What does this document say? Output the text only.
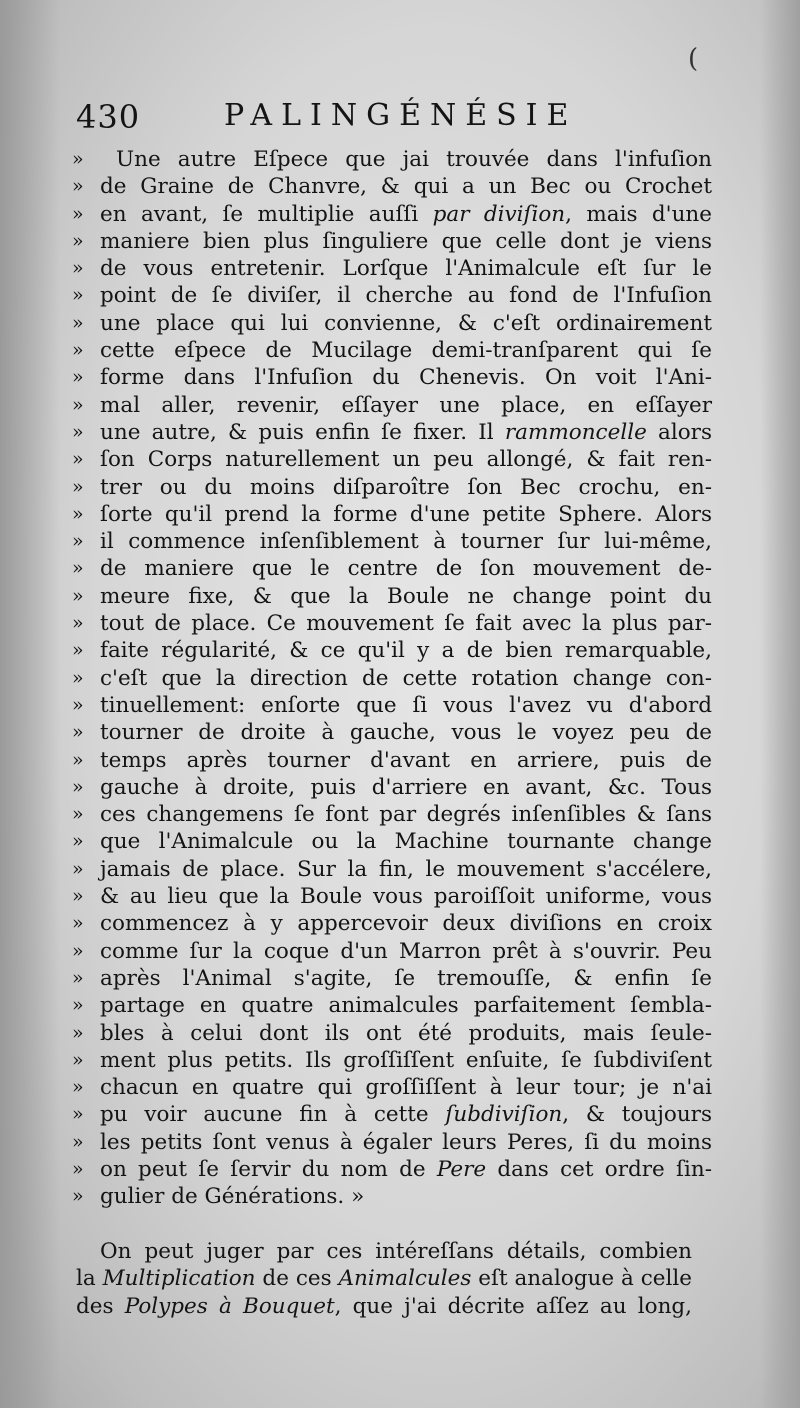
(
430	PALINGÉNÉSIE
»	Une autre Eſpece que jai trouvée dans l'infuſion
» de Graine de Chanvre, & qui a un Bec ou Crochet
» en avant, ſe multiplie auſſi par diviſion, mais d'une
» maniere bien plus ſinguliere que celle dont je viens
» de vous entretenir. Lorſque l'Animalcule eſt ſur le
» point de ſe diviſer, il cherche au fond de l'Infuſion
» une place qui lui convienne, & c'eſt ordinairement
» cette eſpece de Mucilage demi-tranſparent qui ſe
» forme dans l'Infuſion du Chenevis. On voit l'Ani-
» mal aller, revenir, eſſayer une place, en eſſayer
» une autre, & puis enfin ſe fixer. Il rammoncelle alors
» ſon Corps naturellement un peu allongé, & fait ren-
» trer ou du moins diſparoître ſon Bec crochu, en-
» ſorte qu'il prend la forme d'une petite Sphere. Alors
» il commence inſenſiblement à tourner ſur lui-même,
» de maniere que le centre de ſon mouvement de-
» meure fixe, & que la Boule ne change point du
» tout de place. Ce mouvement ſe fait avec la plus par-
» faite régularité, & ce qu'il y a de bien remarquable,
» c'eſt que la direction de cette rotation change con-
» tinuellement: enſorte que ſi vous l'avez vu d'abord
» tourner de droite à gauche, vous le voyez peu de
» temps après tourner d'avant en arriere, puis de
» gauche à droite, puis d'arriere en avant, &c. Tous
» ces changemens ſe font par degrés inſenſibles & ſans
» que l'Animalcule ou la Machine tournante change
» jamais de place. Sur la fin, le mouvement s'accélere,
» & au lieu que la Boule vous paroiſſoit uniforme, vous
» commencez à y appercevoir deux diviſions en croix
» comme ſur la coque d'un Marron prêt à s'ouvrir. Peu
» après l'Animal s'agite, ſe tremouſſe, & enfin ſe
» partage en quatre animalcules parfaitement ſembla-
» bles à celui dont ils ont été produits, mais ſeule-
» ment plus petits. Ils groſſiſſent enſuite, ſe ſubdiviſent
» chacun en quatre qui groſſiſſent à leur tour; je n'ai
» pu voir aucune fin à cette ſubdiviſion, & toujours
» les petits ſont venus à égaler leurs Peres, ſi du moins
» on peut ſe ſervir du nom de Pere dans cet ordre ſin-
» gulier de Générations. »
On peut juger par ces intéreſſans détails, combien
la Multiplication de ces Animalcules eſt analogue à celle
des Polypes à Bouquet, que j'ai décrite aſſez au long,
